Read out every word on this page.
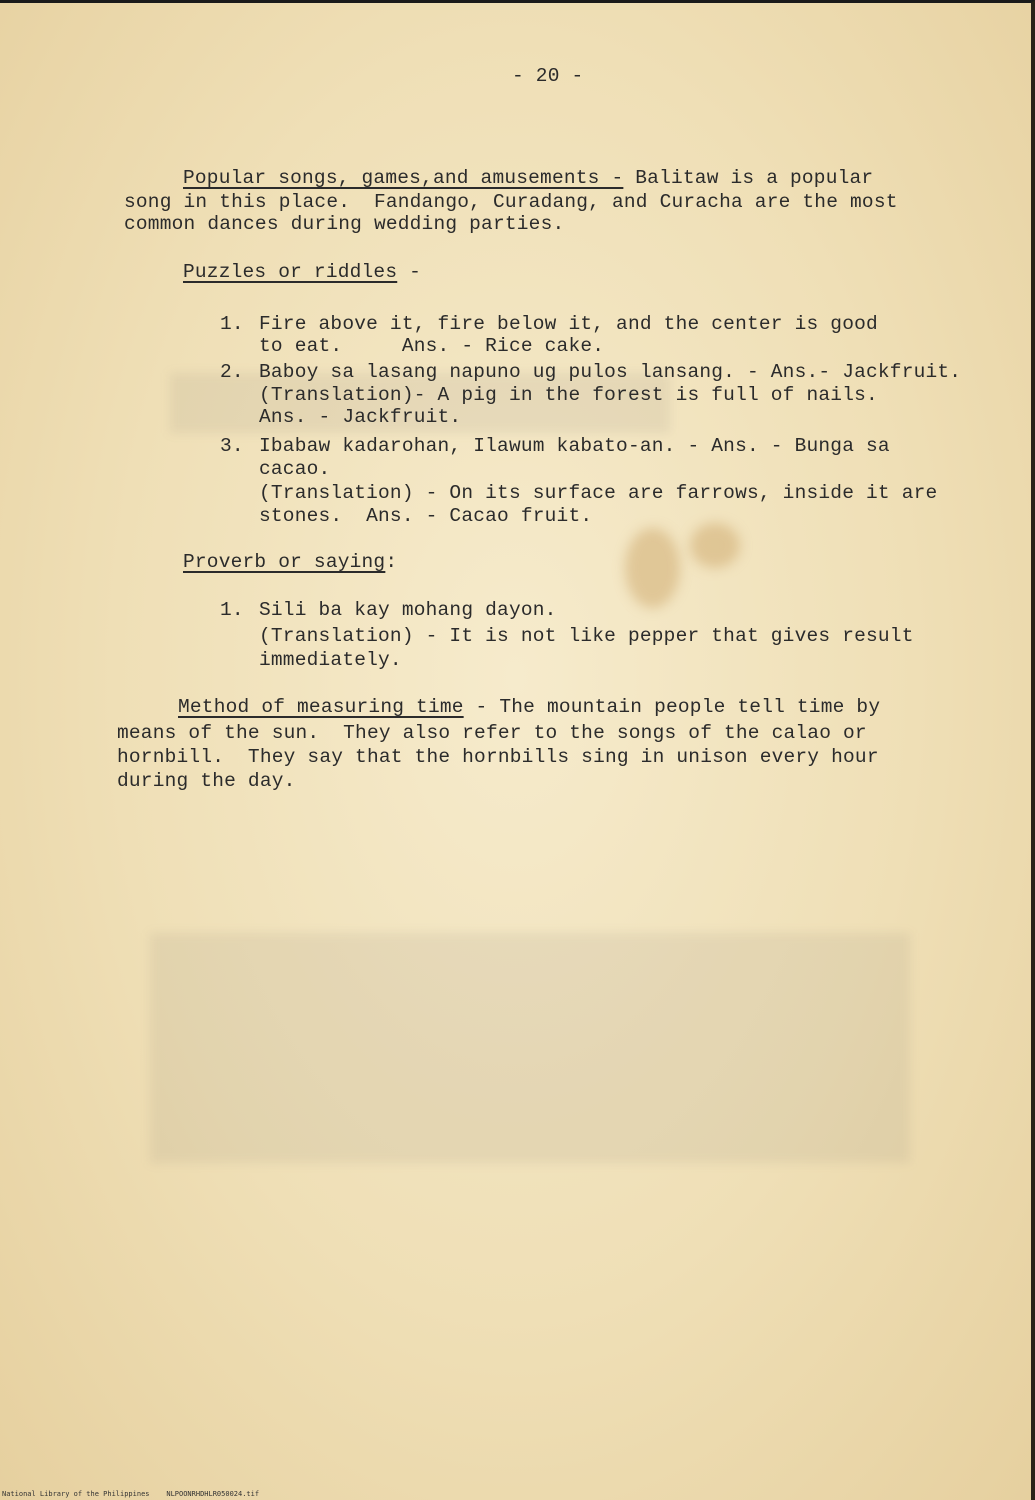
- 20 -
Popular songs, games,and amusements - Balitaw is a popular
song in this place.  Fandango, Curadang, and Curacha are the most
common dances during wedding parties.
Puzzles or riddles -
1. Fire above it, fire below it, and the center is good
to eat.     Ans. - Rice cake.
2. Baboy sa lasang napuno ug pulos lansang. - Ans.- Jackfruit.
(Translation)- A pig in the forest is full of nails.
Ans. - Jackfruit.
3. Ibabaw kadarohan, Ilawum kabato-an. - Ans. - Bunga sa
cacao.
(Translation) - On its surface are farrows, inside it are
stones.  Ans. - Cacao fruit.
Proverb or saying:
1. Sili ba kay mohang dayon.
(Translation) - It is not like pepper that gives result
immediately.
Method of measuring time - The mountain people tell time by
means of the sun.  They also refer to the songs of the calao or
hornbill.  They say that the hornbills sing in unison every hour
during the day.
National Library of the Philippines    NLPOONRHDHLR050024.tif
